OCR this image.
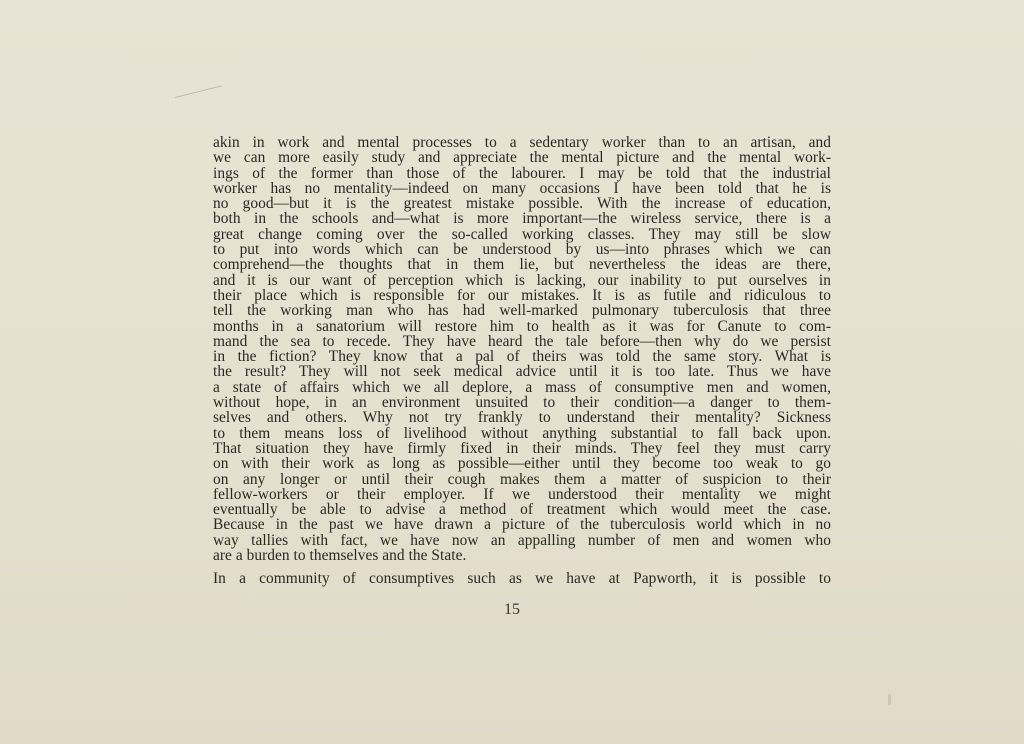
akin in work and mental processes to a sedentary worker than to an artisan, and
we can more easily study and appreciate the mental picture and the mental work-
ings of the former than those of the labourer. I may be told that the industrial
worker has no mentality—indeed on many occasions I have been told that he is
no good—but it is the greatest mistake possible. With the increase of education,
both in the schools and—what is more important—the wireless service, there is a
great change coming over the so-called working classes. They may still be slow
to put into words which can be understood by us—into phrases which we can
comprehend—the thoughts that in them lie, but nevertheless the ideas are there,
and it is our want of perception which is lacking, our inability to put ourselves in
their place which is responsible for our mistakes. It is as futile and ridiculous to
tell the working man who has had well-marked pulmonary tuberculosis that three
months in a sanatorium will restore him to health as it was for Canute to com-
mand the sea to recede. They have heard the tale before—then why do we persist
in the fiction? They know that a pal of theirs was told the same story. What is
the result? They will not seek medical advice until it is too late. Thus we have
a state of affairs which we all deplore, a mass of consumptive men and women,
without hope, in an environment unsuited to their condition—a danger to them-
selves and others. Why not try frankly to understand their mentality? Sickness
to them means loss of livelihood without anything substantial to fall back upon.
That situation they have firmly fixed in their minds. They feel they must carry
on with their work as long as possible—either until they become too weak to go
on any longer or until their cough makes them a matter of suspicion to their
fellow-workers or their employer. If we understood their mentality we might
eventually be able to advise a method of treatment which would meet the case.
Because in the past we have drawn a picture of the tuberculosis world which in no
way tallies with fact, we have now an appalling number of men and women who
are a burden to themselves and the State.
In a community of consumptives such as we have at Papworth, it is possible to
15
